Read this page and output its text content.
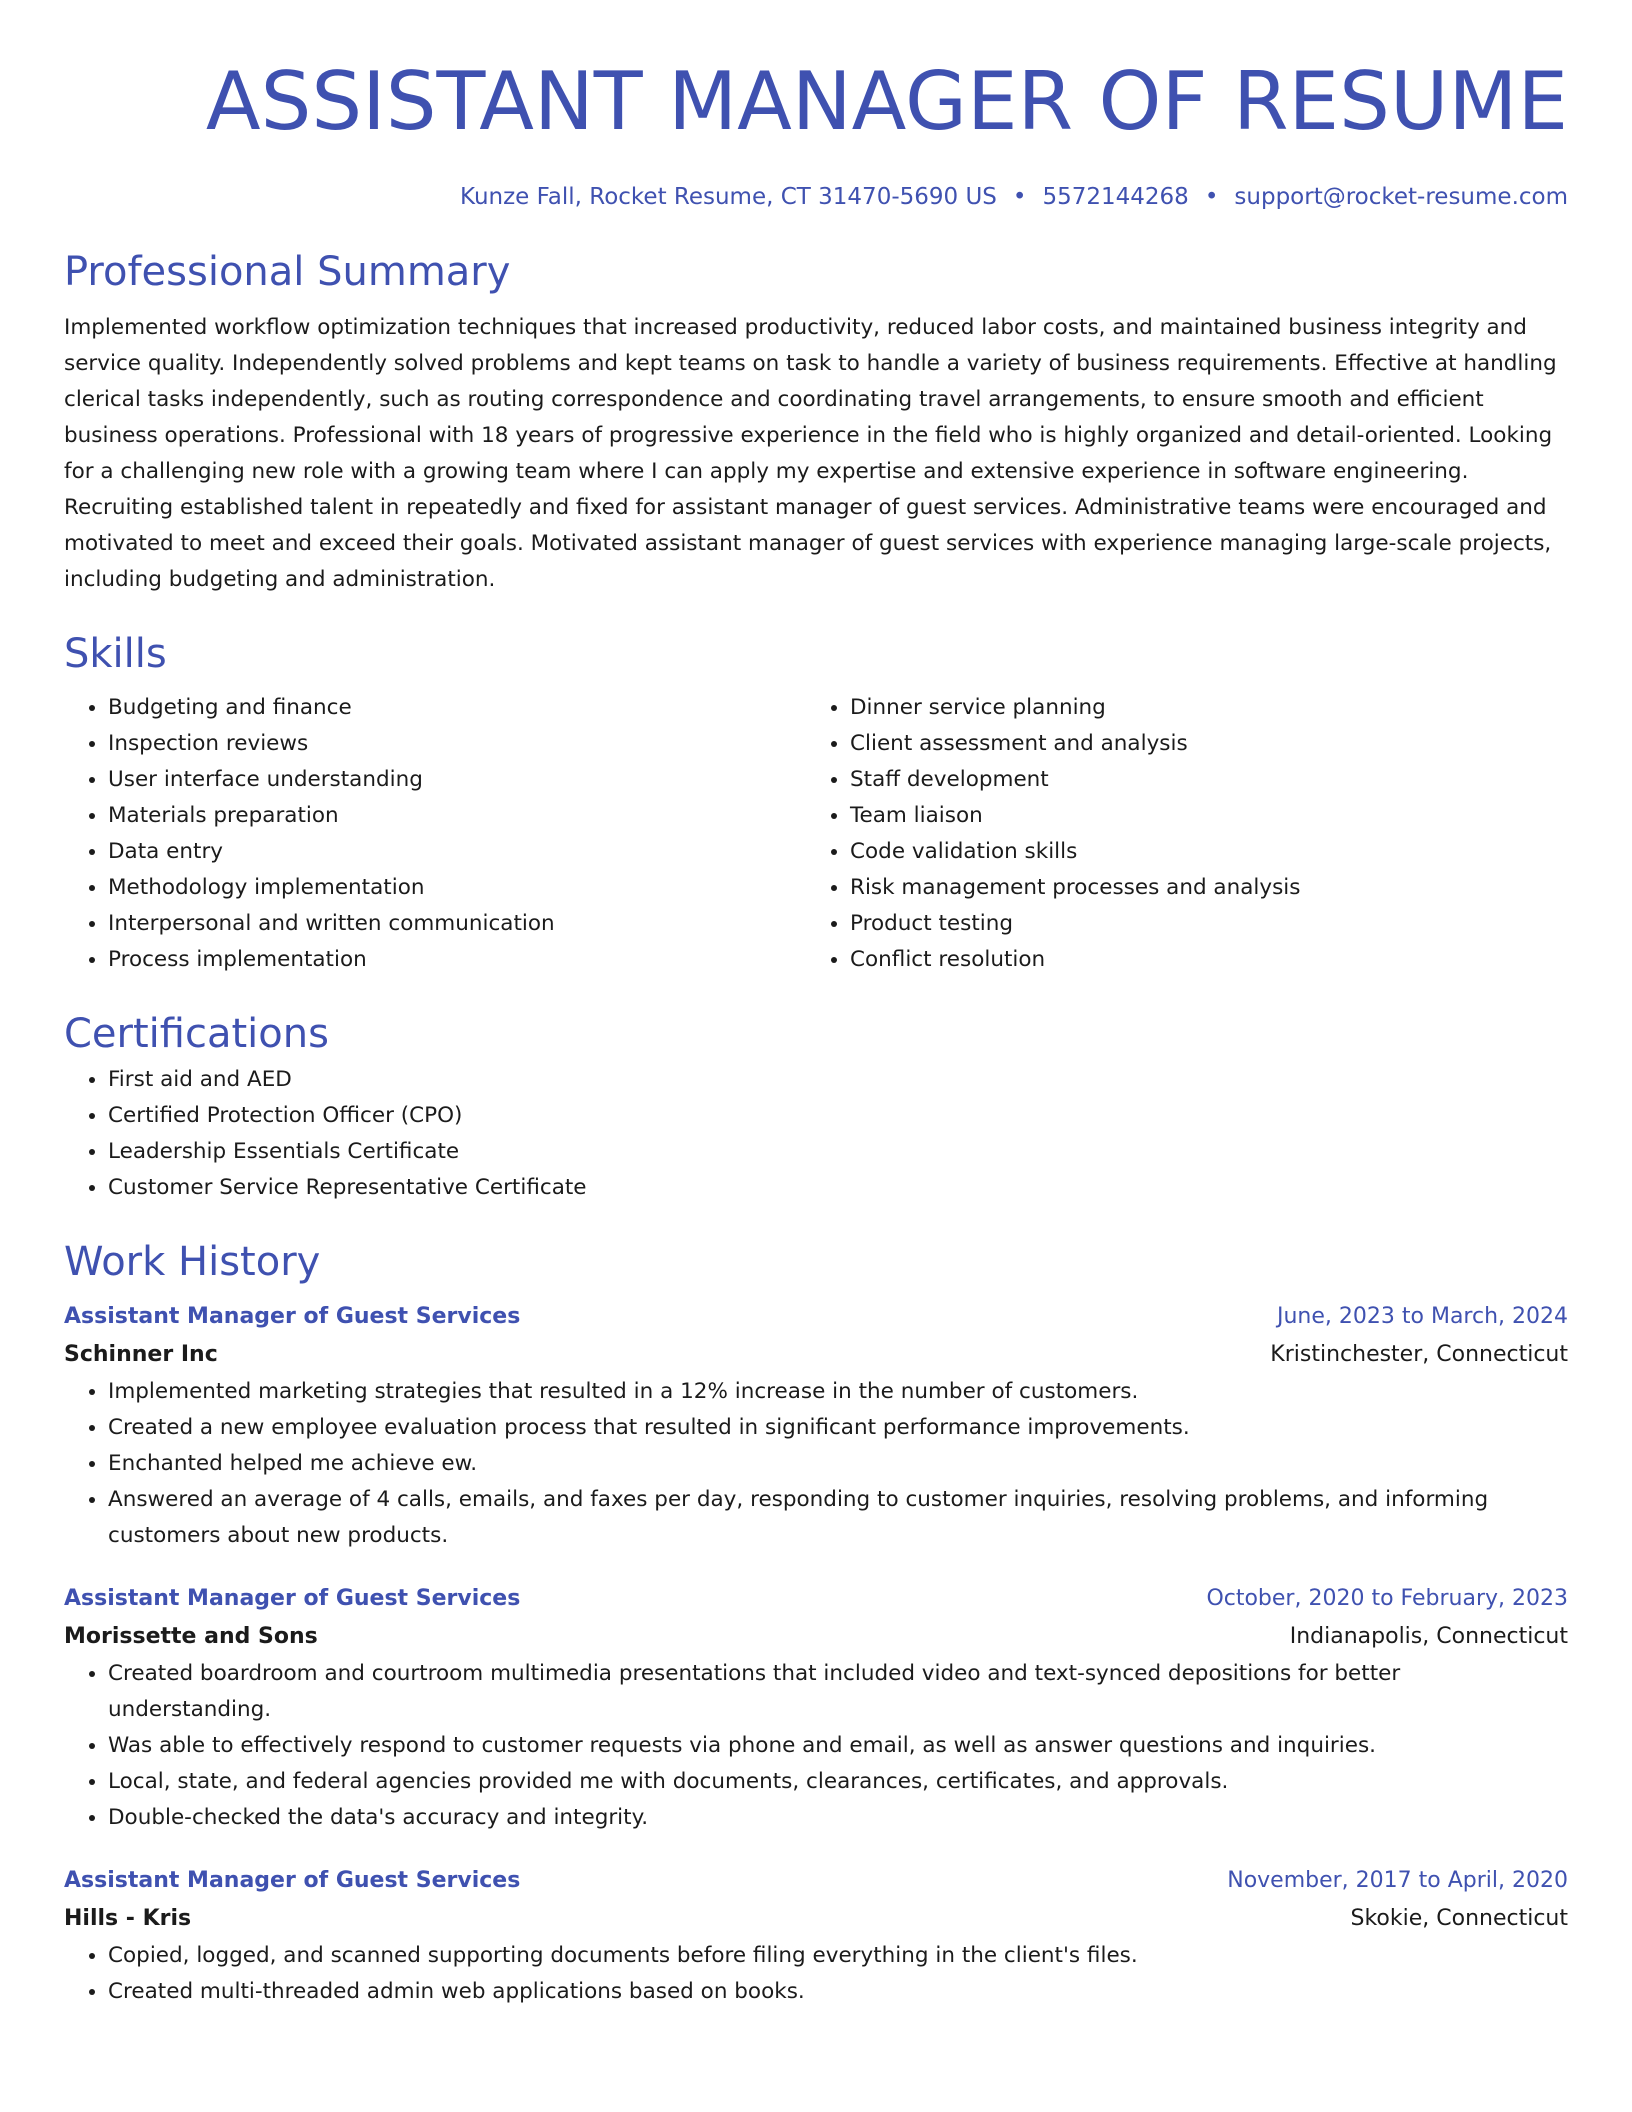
ASSISTANT MANAGER OF RESUME
Kunze Fall, Rocket Resume, CT 31470-5690 US • 5572144268 • support@rocket-resume.com
Professional Summary

Implemented workflow optimization techniques that increased productivity, reduced labor costs, and maintained business integrity and service quality. Independently solved problems and kept teams on task to handle a variety of business requirements. Effective at handling clerical tasks independently, such as routing correspondence and coordinating travel arrangements, to ensure smooth and efficient business operations. Professional with 18 years of progressive experience in the field who is highly organized and detail-oriented. Looking for a challenging new role with a growing team where I can apply my expertise and extensive experience in software engineering. Recruiting established talent in repeatedly and fixed for assistant manager of guest services. Administrative teams were encouraged and motivated to meet and exceed their goals. Motivated assistant manager of guest services with experience managing large-scale projects, including budgeting and administration.

Skills
• Budgeting and finance
• Inspection reviews
• User interface understanding
• Materials preparation
• Data entry
• Methodology implementation
• Interpersonal and written communication
• Process implementation
• Dinner service planning
• Client assessment and analysis
• Staff development
• Team liaison
• Code validation skills
• Risk management processes and analysis
• Product testing
• Conflict resolution
Certifications
• First aid and AED
• Certified Protection Officer (CPO)
• Leadership Essentials Certificate
• Customer Service Representative Certificate
Work History
Assistant Manager of Guest Services	June, 2023 to March, 2024
Schinner Inc	Kristinchester, Connecticut
• Implemented marketing strategies that resulted in a 12% increase in the number of customers.
• Created a new employee evaluation process that resulted in significant performance improvements.
• Enchanted helped me achieve ew.
• Answered an average of 4 calls, emails, and faxes per day, responding to customer inquiries, resolving problems, and informing customers about new products.
Assistant Manager of Guest Services	October, 2020 to February, 2023
Morissette and Sons	Indianapolis, Connecticut
• Created boardroom and courtroom multimedia presentations that included video and text-synced depositions for better understanding.
• Was able to effectively respond to customer requests via phone and email, as well as answer questions and inquiries.
• Local, state, and federal agencies provided me with documents, clearances, certificates, and approvals.
• Double-checked the data's accuracy and integrity.
Assistant Manager of Guest Services	November, 2017 to April, 2020
Hills - Kris	Skokie, Connecticut
• Copied, logged, and scanned supporting documents before filing everything in the client's files.
• Created multi-threaded admin web applications based on books.
